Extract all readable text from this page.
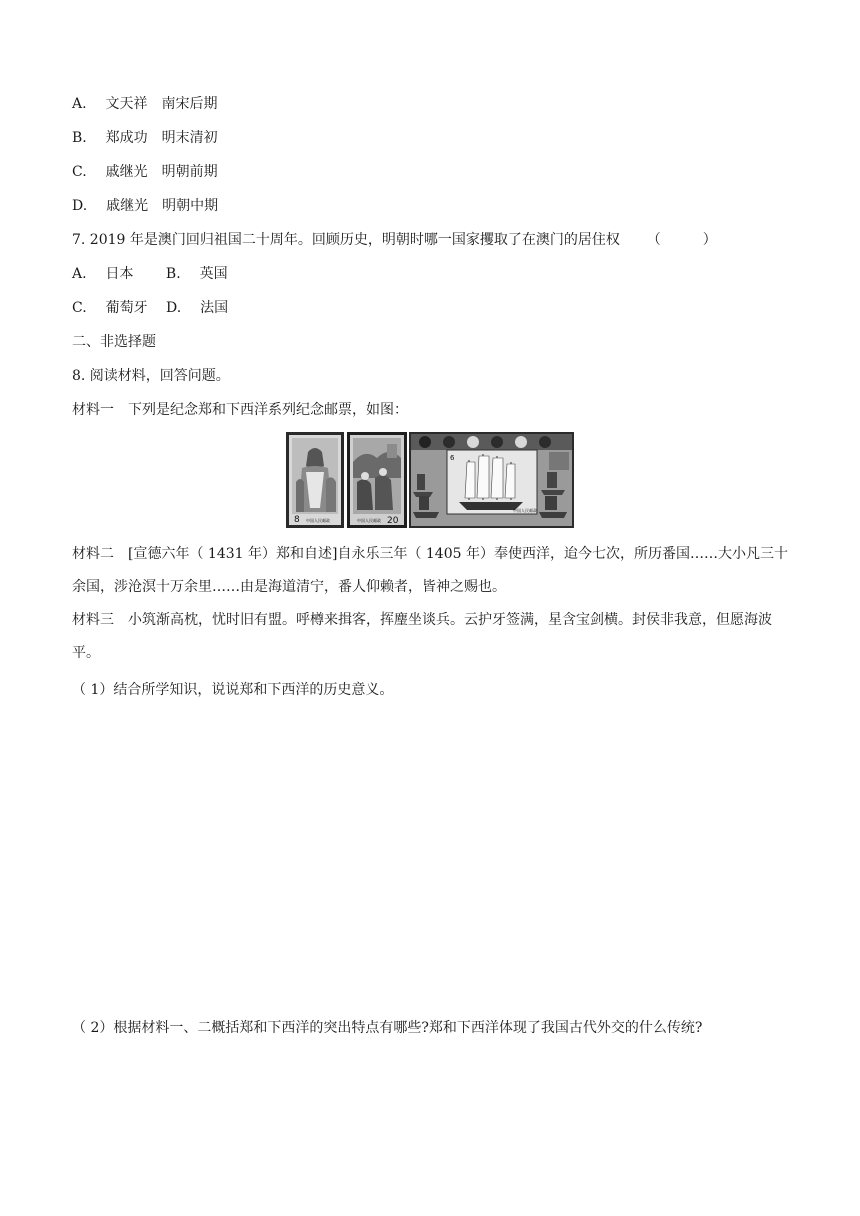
A. 文天祥　南宋后期
B. 郑成功　明末清初
C. 戚继光　明朝前期
D. 戚继光　明朝中期
7. 2019 年是澳门回归祖国二十周年。回顾历史，明朝时哪一国家攫取了在澳门的居住权 （　　　）
A. 日本 B. 英国
C. 葡萄牙 D. 法国
二、非选择题
8. 阅读材料，回答问题。
材料一　下列是纪念郑和下西洋系列纪念邮票，如图：
8 中国人民邮政	中国人民邮政 20
6
中国人民邮政
材料二　[宣德六年（ 1431 年）郑和自述]自永乐三年（ 1405 年）奉使西洋，迨今七次，所历番国……大小凡三十余国，涉沧溟十万余里……由是海道清宁，番人仰赖者，皆神之赐也。
材料三　小筑渐高枕，忧时旧有盟。呼樽来揖客，挥麈坐谈兵。云护牙签满，星含宝剑横。封侯非我意，但愿海波平。
（ 1）结合所学知识，说说郑和下西洋的历史意义。
（ 2）根据材料一、二概括郑和下西洋的突出特点有哪些?郑和下西洋体现了我国古代外交的什么传统?
